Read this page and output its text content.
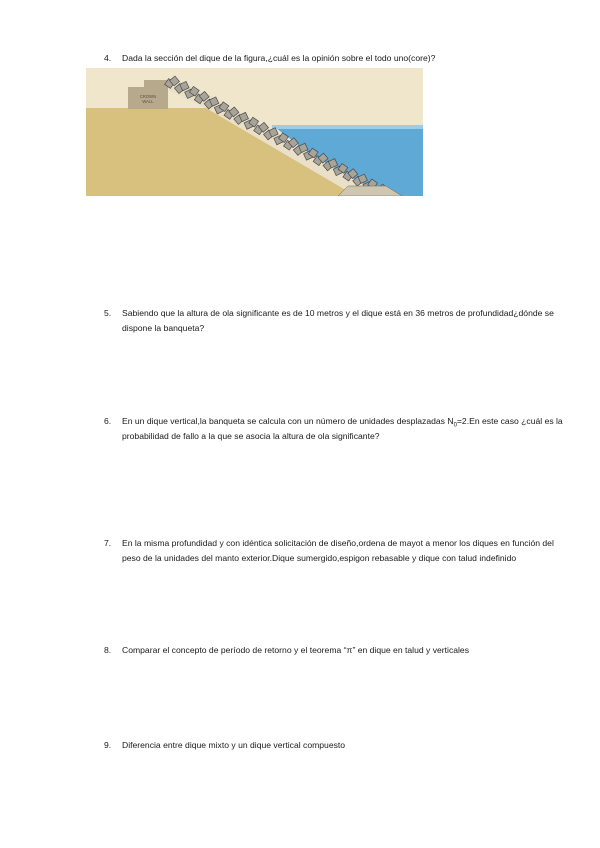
4.	Dada la sección del dique de la figura,¿cuál es la opinión sobre el todo uno(core)?
CROWN
WALL
5.	Sabiendo que la altura de ola significante es de 10 metros y el dique está en 36 metros de profundidad¿dónde se dispone la banqueta?
6.	En un dique vertical,la banqueta se calcula con un número de unidades desplazadas $N_0=2.En$ este caso ¿cuál es la probabilidad de fallo a la que se asocia la altura de ola significante?
7.	En la misma profundidad y con idéntica solicitación de diseño,ordena de mayot a menor los diques en función del peso de la unidades del manto exterior.Dique sumergido,espigon rebasable y dique con talud indefinido
8.	Comparar el concepto de período de retorno y el teorema “π” en dique en talud y verticales
9.	Diferencia entre dique mixto y un dique vertical compuesto
